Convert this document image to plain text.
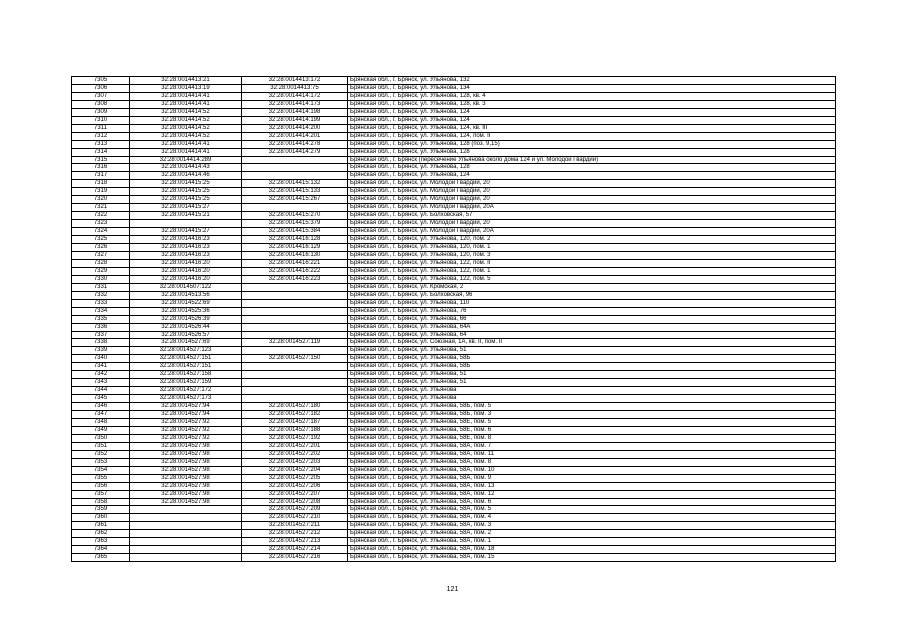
7305	32:28:0014413:21	32:28:0014413:172	Брянская обл., г. Брянск, ул. Ульянова, 132
7306	32:28:0014413:19	32:28:0014413:75	Брянская обл., г. Брянск, ул. Ульянова, 134
7307	32:28:0014414:41	32:28:0014414:172	Брянская обл., г. Брянск, ул. Ульянова, 128, кв. 4
7308	32:28:0014414:41	32:28:0014414:173	Брянская обл., г. Брянск, ул. Ульянова, 128, кв. 3
7309	32:28:0014414:52	32:28:0014414:198	Брянская обл., г. Брянск, ул. Ульянова, 124
7310	32:28:0014414:52	32:28:0014414:199	Брянская обл., г. Брянск, ул. Ульянова, 124
7311	32:28:0014414:52	32:28:0014414:200	Брянская обл., г. Брянск, ул. Ульянова, 124, кв. III
7312	32:28:0014414:52	32:28:0014414:201	Брянская обл., г. Брянск, ул. Ульянова, 124, пом. II
7313	32:28:0014414:41	32:28:0014414:278	Брянская обл., г. Брянск, ул. Ульянова, 128 (поз. 9,15)
7314	32:28:0014414:41	32:28:0014414:279	Брянская обл., г. Брянск, ул. Ульянова, 128
7315	32:28:0014414:289		Брянская обл., г. Брянск (пересечение Ульянова около дома 124 и ул. Молодой Гвардии)
7316	32:28:0014414:43		Брянская обл., г. Брянск, ул. Ульянова, 128
7317	32:28:0014414:46		Брянская обл., г. Брянск, ул. Ульянова, 124
7318	32:28:0014415:25	32:28:0014415:132	Брянская обл., г. Брянск, ул. Молодой Гвардии, 20
7319	32:28:0014415:25	32:28:0014415:133	Брянская обл., г. Брянск, ул. Молодой Гвардии, 20
7320	32:28:0014415:25	32:28:0014415:267	Брянская обл., г. Брянск, ул. Молодой Гвардии, 20
7321	32:28:0014415:27		Брянская обл., г. Брянск, ул. Молодой Гвардии, 20А
7322	32:28:0014415:21	32:28:0014415:270	Брянская обл., г. Брянск, ул. Болховская, 57
7323		32:28:0014415:379	Брянская обл., г. Брянск, ул. Молодой Гвардии, 20
7324	32:28:0014415:27	32:28:0014415:384	Брянская обл., г. Брянск, ул. Молодой Гвардии, 20А
7325	32:28:0014416:23	32:28:0014416:128	Брянская обл., г. Брянск, ул. Ульянова, 120, пом. 2
7326	32:28:0014416:23	32:28:0014416:129	Брянская обл., г. Брянск, ул. Ульянова, 120, пом. 1
7327	32:28:0014416:23	32:28:0014416:130	Брянская обл., г. Брянск, ул. Ульянова, 120, пом. 3
7328	32:28:0014416:20	32:28:0014416:221	Брянская обл., г. Брянск, ул. Ульянова, 122, пом. II
7329	32:28:0014416:20	32:28:0014416:222	Брянская обл., г. Брянск, ул. Ульянова, 122, пом. 1
7330	32:28:0014416:20	32:28:0014416:223	Брянская обл., г. Брянск, ул. Ульянова, 122, пом. 5
7331	32:28:0014507:122		Брянская обл., г. Брянск, ул. Кромская, 2
7332	32:28:0014513:56		Брянская обл., г. Брянск, ул. Болховская, 96
7333	32:28:0014522:69		Брянская обл., г. Брянск, ул. Ульянова, 110
7334	32:28:0014525:36		Брянская обл., г. Брянск, ул. Ульянова, 76
7335	32:28:0014526:39		Брянская обл., г. Брянск, ул. Ульянова, 66
7336	32:28:0014526:44		Брянская обл., г. Брянск, ул. Ульянова, 64А
7337	32:28:0014526:57		Брянская обл., г. Брянск, ул. Ульянова, 64
7338	32:28:0014527:69	32:28:0014527:119	Брянская обл., г. Брянск, ул. Союзная, 1А, кв. II, пом. II
7339	32:28:0014527:123		Брянская обл., г. Брянск, ул. Ульянова, 51
7340	32:28:0014527:151	32:28:0014527:150	Брянская обл., г. Брянск, ул. Ульянова, 58Б
7341	32:28:0014527:151		Брянская обл., г. Брянск, ул. Ульянова, 58Б
7342	32:28:0014527:158		Брянская обл., г. Брянск, ул. Ульянова, 51
7343	32:28:0014527:159		Брянская обл., г. Брянск, ул. Ульянова, 51
7344	32:28:0014527:172		Брянская обл., г. Брянск, ул. Ульянова
7345	32:28:0014527:173		Брянская обл., г. Брянск, ул. Ульянова
7346	32:28:0014527:94	32:28:0014527:180	Брянская обл., г. Брянск, ул. Ульянова, 58Б, пом. 5
7347	32:28:0014527:94	32:28:0014527:182	Брянская обл., г. Брянск, ул. Ульянова, 58Б, пом. 3
7348	32:28:0014527:92	32:28:0014527:187	Брянская обл., г. Брянск, ул. Ульянова, 58Е, пом. 5
7349	32:28:0014527:92	32:28:0014527:188	Брянская обл., г. Брянск, ул. Ульянова, 58Е, пом. 6
7350	32:28:0014527:92	32:28:0014527:192	Брянская обл., г. Брянск, ул. Ульянова, 58Е, пом. 8
7351	32:28:0014527:98	32:28:0014527:201	Брянская обл., г. Брянск, ул. Ульянова, 58А, пом. 7
7352	32:28:0014527:98	32:28:0014527:202	Брянская обл., г. Брянск, ул. Ульянова, 58А, пом. 11
7353	32:28:0014527:98	32:28:0014527:203	Брянская обл., г. Брянск, ул. Ульянова, 58А, пом. 8
7354	32:28:0014527:98	32:28:0014527:204	Брянская обл., г. Брянск, ул. Ульянова, 58А, пом. 10
7355	32:28:0014527:98	32:28:0014527:205	Брянская обл., г. Брянск, ул. Ульянова, 58А, пом. 9
7356	32:28:0014527:98	32:28:0014527:206	Брянская обл., г. Брянск, ул. Ульянова, 58А, пом. 13
7357	32:28:0014527:98	32:28:0014527:207	Брянская обл., г. Брянск, ул. Ульянова, 58А, пом. 12
7358	32:28:0014527:98	32:28:0014527:208	Брянская обл., г. Брянск, ул. Ульянова, 58А, пом. 6
7359		32:28:0014527:209	Брянская обл., г. Брянск, ул. Ульянова, 58А, пом. 5
7360		32:28:0014527:210	Брянская обл., г. Брянск, ул. Ульянова, 58А, пом. 4
7361		32:28:0014527:211	Брянская обл., г. Брянск, ул. Ульянова, 58А, пом. 3
7362		32:28:0014527:212	Брянская обл., г. Брянск, ул. Ульянова, 58А, пом. 2
7363		32:28:0014527:213	Брянская обл., г. Брянск, ул. Ульянова, 58А, пом. 1
7364		32:28:0014527:214	Брянская обл., г. Брянск, ул. Ульянова, 58А, пом. 18
7365		32:28:0014527:216	Брянская обл., г. Брянск, ул. Ульянова, 58А, пом. 15
121
